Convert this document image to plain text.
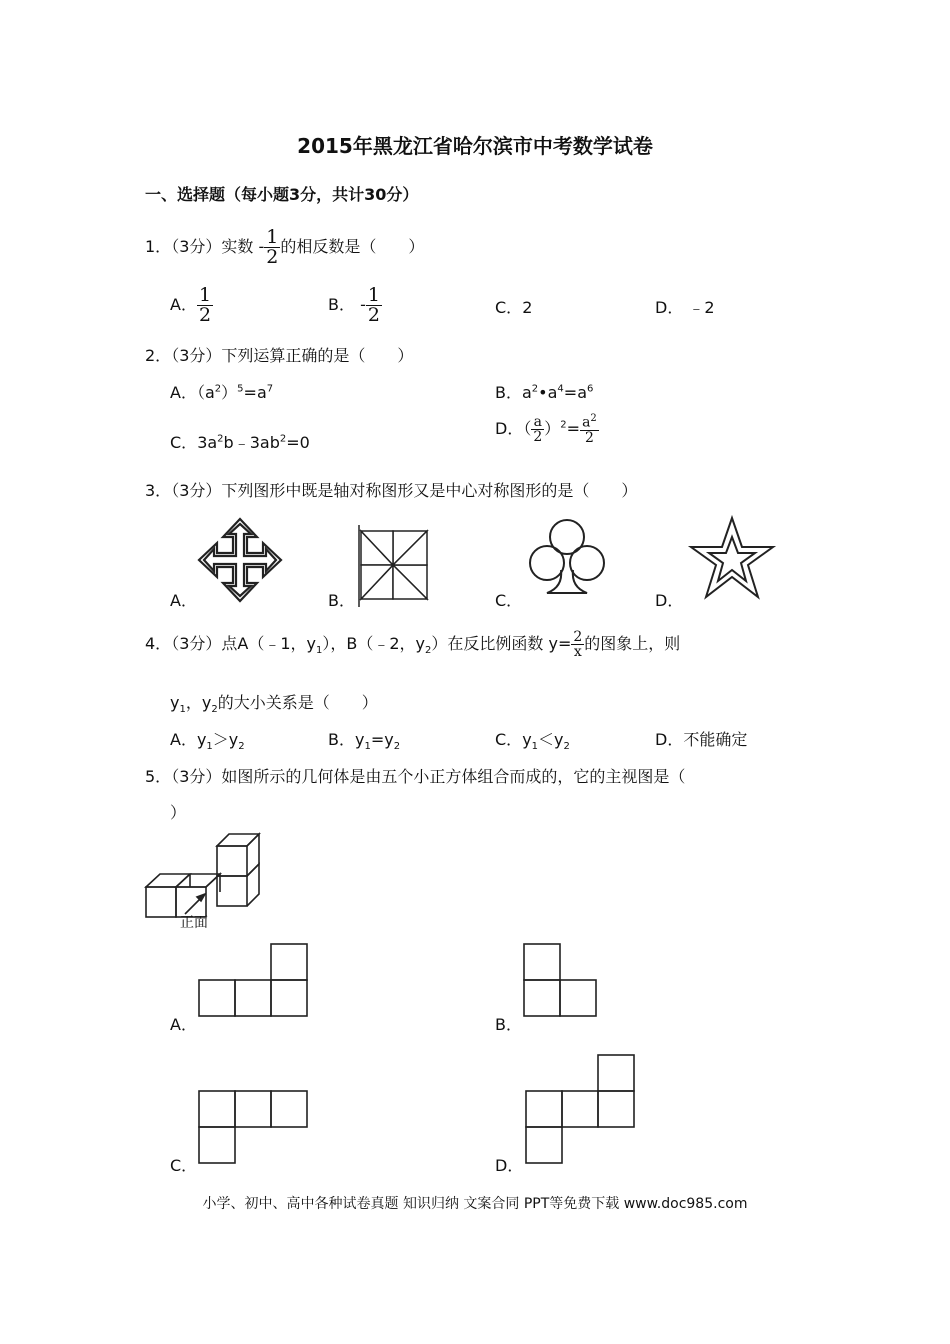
2015年黑龙江省哈尔滨市中考数学试卷
一、选择题（每小题3分，共计30分）
1．（3分）实数 - $\frac{1}{2}$ 的相反数是（　　）
A． $\frac{1}{2}$	B． - $\frac{1}{2}$	C．2	D． ﹣2
2．（3分）下列运算正确的是（　　）
A．$(a^2)^5=a^7$	B．$a^2•a^4=a^6$
C．$3a^2b﹣3ab^2=0$
D．（ $\frac{a}{2} )^2= \frac{a^2}{2}$
3．（3分）下列图形中既是轴对称图形又是中心对称图形的是（　　）
A．	B．	C．	D．
4．（3分）点A（﹣1，$y_1$），B（﹣2，$y_2$）在反比例函数 $y= \frac{2}{x}$ 的图象上，则
$y_1$，$y_2$的大小关系是（　　）
A．$y_1>y_2$	B．$y_1=y_2$	C．$y_1<y_2$	D．不能确定
5．（3分）如图所示的几何体是由五个小正方体组合而成的，它的主视图是（
）
正面
A．	B．
C．	D．
小学、初中、高中各种试卷真题 知识归纳 文案合同 PPT等免费下载 www.doc985.com
